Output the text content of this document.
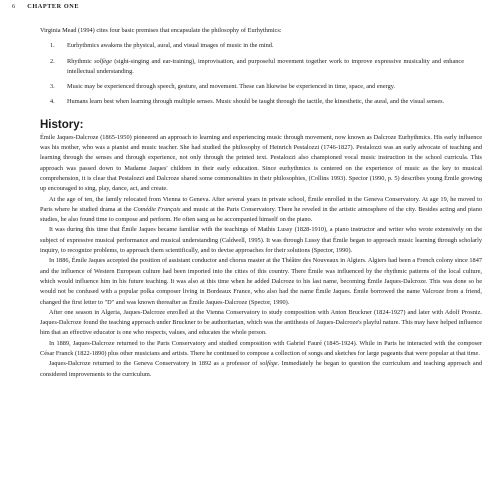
6 CHAPTER ONE

Virginia Mead (1994) cites four basic premises that encapsulate the philosophy of Eurhythmics:

1. Eurhythmics awakens the physical, aural, and visual images of music in the mind.
2. Rhythmic solfège (sight-singing and ear-training), improvisation, and purposeful movement together work to improve expressive musicality and enhance intellectual understanding.
3. Music may be experienced through speech, gesture, and movement. These can likewise be experienced in time, space, and energy.
4. Humans learn best when learning through multiple senses. Music should be taught through the tactile, the kinesthetic, the aural, and the visual senses.
History:

Émile Jaques-Dalcroze (1865-1950) pioneered an approach to learning and experiencing music through movement, now known as Dalcroze Eurhythmics. His early influence was his mother, who was a pianist and music teacher. She had studied the philosophy of Heinrich Pestalozzi (1746-1827). Pestalozzi was an early advocate of teaching and learning through the senses and through experience, not only through the printed text. Pestalozzi also championed vocal music instruction in the school curricula. This approach was passed down to Madame Jaques' children in their early education. Since eurhythmics is centered on the experience of music as the key to musical comprehension, it is clear that Pestalozzi and Dalcroze shared some commonalities in their philosophies, (Collins 1993). Spector (1990, p. 5) describes young Émile growing up encouraged to sing, play, dance, act, and create.

At the age of ten, the family relocated from Vienna to Geneva. After several years in private school, Émile enrolled in the Geneva Conservatory. At age 19, he moved to Paris where he studied drama at the Comédie Français and music at the Paris Conservatory. There he reveled in the artistic atmosphere of the city. Besides acting and piano studies, he also found time to compose and perform. He often sang as he accompanied himself on the piano.

It was during this time that Émile Jaques became familiar with the teachings of Mathis Lussy (1828-1910), a piano instructor and writer who wrote extensively on the subject of expressive musical performance and musical understanding (Caldwell, 1995). It was through Lussy that Émile began to approach music learning through scholarly inquiry, to recognize problems, to approach them scientifically, and to devise approaches for their solutions (Spector, 1990).

In 1886, Émile Jaques accepted the position of assistant conductor and chorus master at the Théâtre des Nouveaux in Algiers. Algiers had been a French colony since 1847 and the influence of Western European culture had been imported into the cities of this country. There Émile was influenced by the rhythmic patterns of the local culture, which would influence him in his future teaching. It was also at this time when he added Dalcroze to his last name, becoming Émile Jaques-Dalcroze. This was done so he would not be confused with a popular polka composer living in Bordeaux France, who also had the name Émile Jaques. Émile borrowed the name Valcroze from a friend, changed the first letter to "D" and was known thereafter as Émile Jaques-Dalcroze (Spector, 1990).

After one season in Algeria, Jaques-Dalcroze enrolled at the Vienna Conservatory to study composition with Anton Bruckner (1824-1927) and later with Adolf Prosniz. Jaques-Dalcroze found the teaching approach under Bruckner to be authoritarian, which was the antithesis of Jaques-Dalcroze's playful nature. This may have helped influence him that an effective educator is one who respects, values, and educates the whole person.

In 1889, Jaques-Dalcroze returned to the Paris Conservatory and studied composition with Gabriel Fauré (1845-1924). While in Paris he interacted with the composer César Franck (1822-1890) plus other musicians and artists. There he continued to compose a collection of songs and sketches for large pageants that were popular at that time.

Jaques-Dalcroze returned to the Geneva Conservatory in 1892 as a professor of solfège. Immediately he began to question the curriculum and teaching approach and considered improvements to the curriculum.
